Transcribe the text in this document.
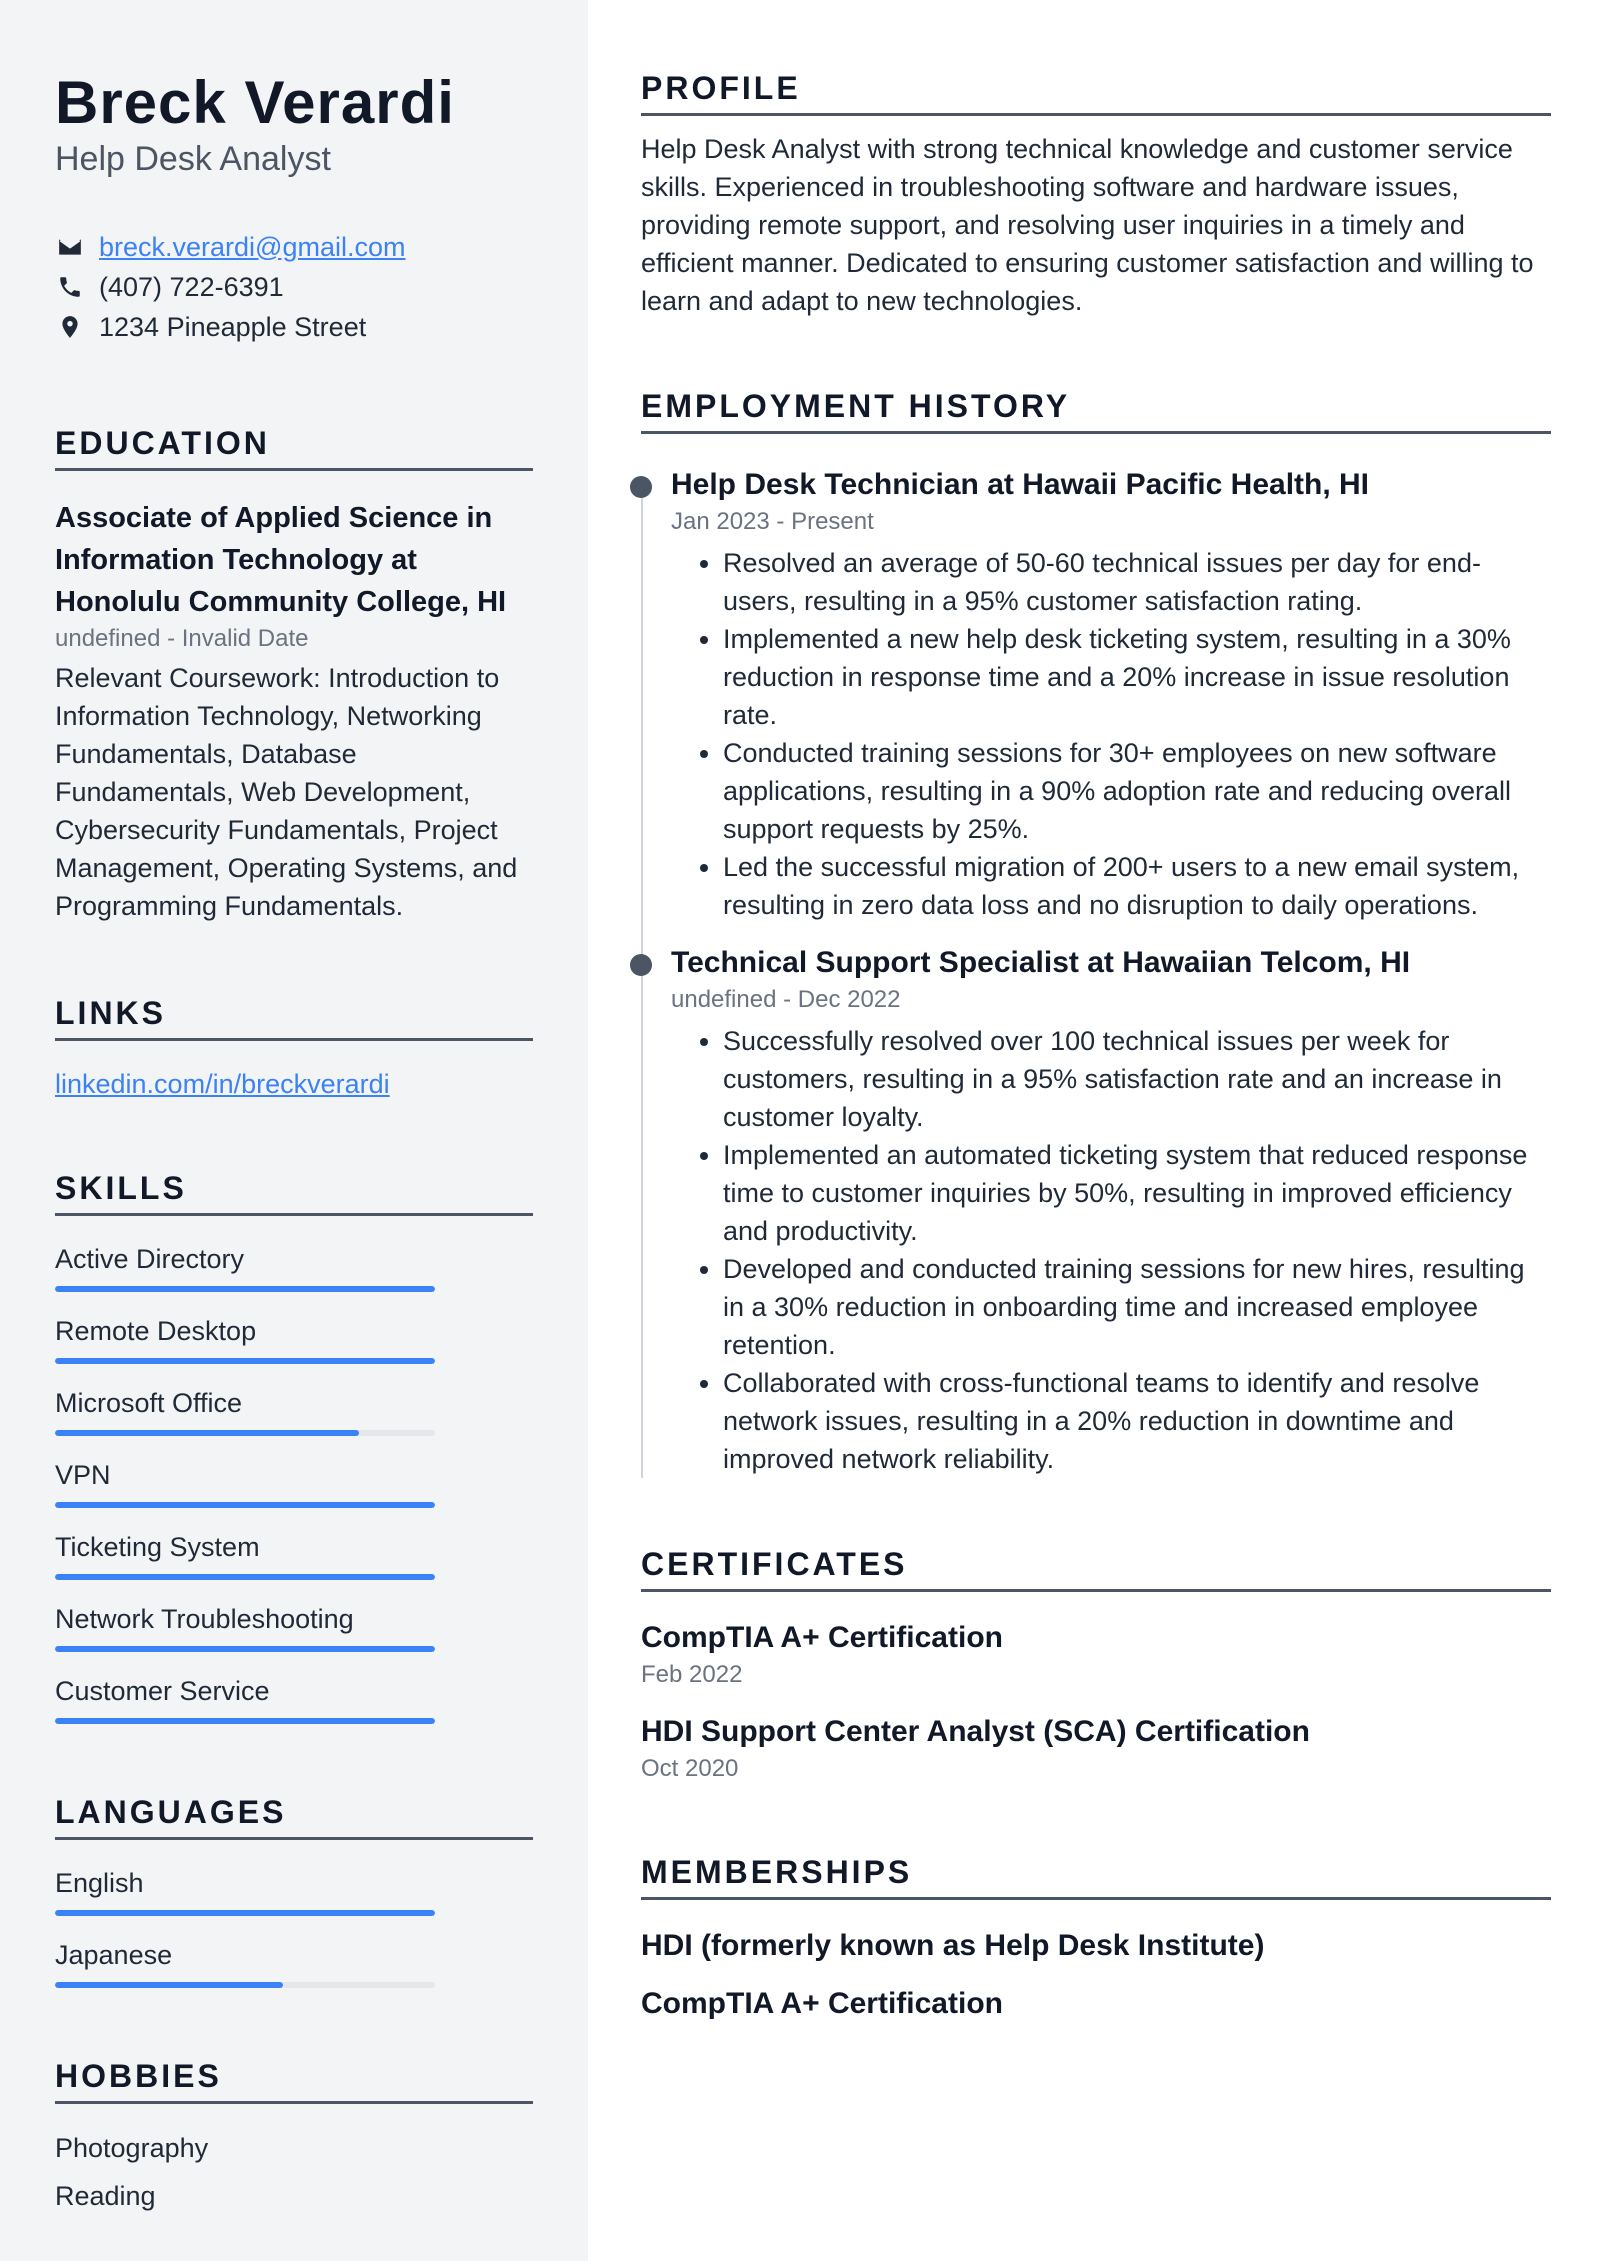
Breck Verardi
Help Desk Analyst
breck.verardi@gmail.com
(407) 722-6391
1234 Pineapple Street
EDUCATION
Associate of Applied Science in Information Technology at Honolulu Community College, HI
undefined - Invalid Date
Relevant Coursework: Introduction to Information Technology, Networking Fundamentals, Database Fundamentals, Web Development, Cybersecurity Fundamentals, Project Management, Operating Systems, and Programming Fundamentals.
LINKS
linkedin.com/in/breckverardi
SKILLS
Active Directory
Remote Desktop
Microsoft Office
VPN
Ticketing System
Network Troubleshooting
Customer Service
LANGUAGES
English
Japanese
HOBBIES
Photography
Reading
PROFILE
Help Desk Analyst with strong technical knowledge and customer service skills. Experienced in troubleshooting software and hardware issues, providing remote support, and resolving user inquiries in a timely and efficient manner. Dedicated to ensuring customer satisfaction and willing to learn and adapt to new technologies.
EMPLOYMENT HISTORY
Help Desk Technician at Hawaii Pacific Health, HI
Jan 2023 - Present
• Resolved an average of 50-60 technical issues per day for end-users, resulting in a 95% customer satisfaction rating.
• Implemented a new help desk ticketing system, resulting in a 30% reduction in response time and a 20% increase in issue resolution rate.
• Conducted training sessions for 30+ employees on new software applications, resulting in a 90% adoption rate and reducing overall support requests by 25%.
• Led the successful migration of 200+ users to a new email system, resulting in zero data loss and no disruption to daily operations.
Technical Support Specialist at Hawaiian Telcom, HI
undefined - Dec 2022
• Successfully resolved over 100 technical issues per week for customers, resulting in a 95% satisfaction rate and an increase in customer loyalty.
• Implemented an automated ticketing system that reduced response time to customer inquiries by 50%, resulting in improved efficiency and productivity.
• Developed and conducted training sessions for new hires, resulting in a 30% reduction in onboarding time and increased employee retention.
• Collaborated with cross-functional teams to identify and resolve network issues, resulting in a 20% reduction in downtime and improved network reliability.
CERTIFICATES
CompTIA A+ Certification
Feb 2022
HDI Support Center Analyst (SCA) Certification
Oct 2020
MEMBERSHIPS
HDI (formerly known as Help Desk Institute)
CompTIA A+ Certification
